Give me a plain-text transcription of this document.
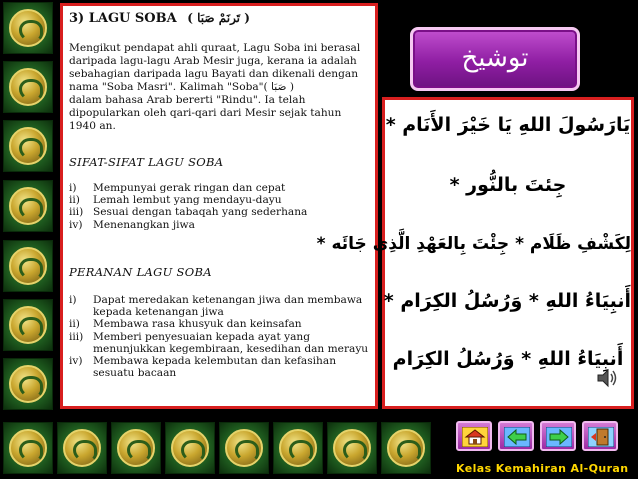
3) LAGU SOBA ( تَرنَمْ صَبَا )

Mengikut pendapat ahli quraat, Lagu Soba ini berasal

daripada lagu-lagu Arab Mesir juga, kerana ia adalah

sebahagian daripada lagu Bayati dan dikenali dengan

nama "Soba Masri". Kalimah "Soba"( صَبَا )

dalam bahasa Arab bererti "Rindu". Ia telah

dipopularkan oleh qari-qari dari Mesir sejak tahun

1940 an.

SIFAT-SIFAT LAGU SOBA
i)	Mempunyai gerak ringan dan cepat
ii)	Lemah lembut yang mendayu-dayu
iii) Sesuai dengan tabaqah yang sederhana
iv) Menenangkan jiwa
PERANAN LAGU SOBA
i)	Dapat meredakan ketenangan jiwa dan membawa kepada ketenangan jiwa
ii)	Membawa rasa khusyuk dan keinsafan
iii) Memberi penyesuaian kepada ayat yang menunjukkan kegembiraan, kesedihan dan merayu
iv) Membawa kepada kelembutan dan kefasihan sesuatu bacaan
توشيخ
يَارَسُولَ اللهِ يَا خَيْرَ الأَنَام *
جِئتَ بالنُّور *
لِكَشْفِ ظَلَام * جِئْتَ بِالعَهْدِ الَّذِي جَائَه *
أَنبِيَاءُ اللهِ * وَرُسُلُ الكِرَام *
أَنبِيَاءُ اللهِ * وَرُسُلُ الكِرَام
Kelas Kemahiran Al-Quran
